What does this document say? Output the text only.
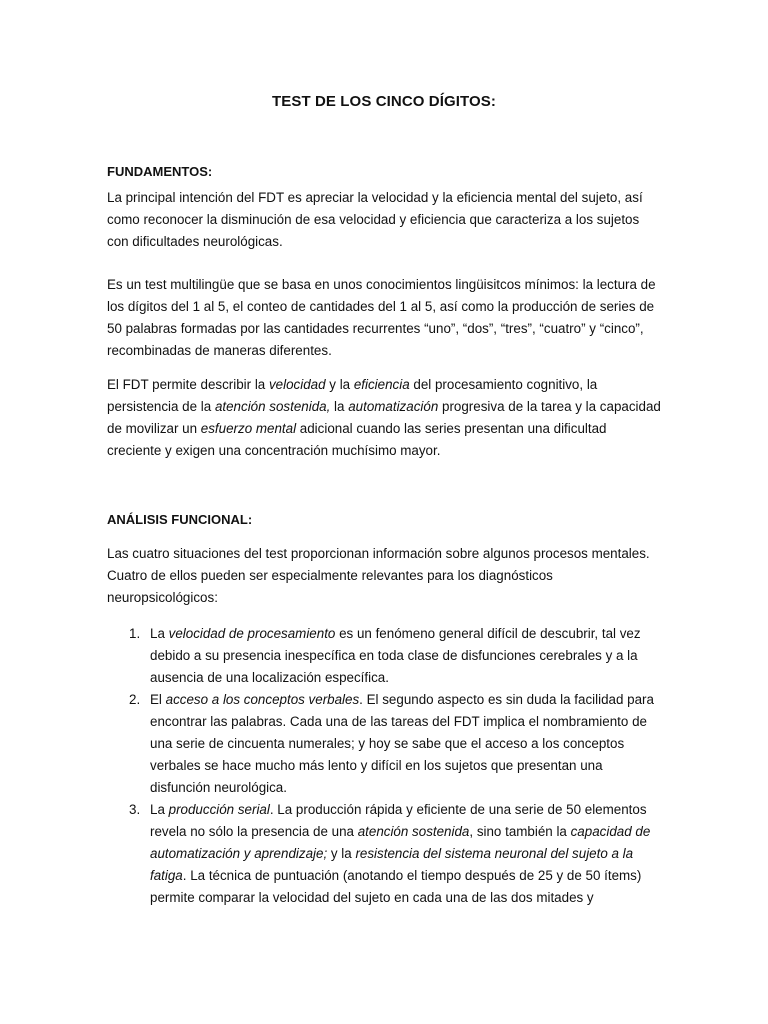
TEST DE LOS CINCO DÍGITOS:
FUNDAMENTOS:

La principal intención del FDT es apreciar la velocidad y la eficiencia mental del sujeto, así como reconocer la disminución de esa velocidad y eficiencia que caracteriza a los sujetos con dificultades neurológicas.

Es un test multilingüe que se basa en unos conocimientos lingüisitcos mínimos: la lectura de los dígitos del 1 al 5, el conteo de cantidades del 1 al 5, así como la producción de series de 50 palabras formadas por las cantidades recurrentes “uno”, “dos”, “tres”, “cuatro” y “cinco”, recombinadas de maneras diferentes.

El FDT permite describir la velocidad y la eficiencia del procesamiento cognitivo, la persistencia de la atención sostenida, la automatización progresiva de la tarea y la capacidad de movilizar un esfuerzo mental adicional cuando las series presentan una dificultad creciente y exigen una concentración muchísimo mayor.

ANÁLISIS FUNCIONAL:

Las cuatro situaciones del test proporcionan información sobre algunos procesos mentales. Cuatro de ellos pueden ser especialmente relevantes para los diagnósticos neuropsicológicos:

1. La velocidad de procesamiento es un fenómeno general difícil de descubrir, tal vez debido a su presencia inespecífica en toda clase de disfunciones cerebrales y a la ausencia de una localización específica.
2. El acceso a los conceptos verbales. El segundo aspecto es sin duda la facilidad para encontrar las palabras. Cada una de las tareas del FDT implica el nombramiento de una serie de cincuenta numerales; y hoy se sabe que el acceso a los conceptos verbales se hace mucho más lento y difícil en los sujetos que presentan una disfunción neurológica.
3. La producción serial. La producción rápida y eficiente de una serie de 50 elementos revela no sólo la presencia de una atención sostenida, sino también la capacidad de automatización y aprendizaje; y la resistencia del sistema neuronal del sujeto a la fatiga. La técnica de puntuación (anotando el tiempo después de 25 y de 50 ítems) permite comparar la velocidad del sujeto en cada una de las dos mitades y
